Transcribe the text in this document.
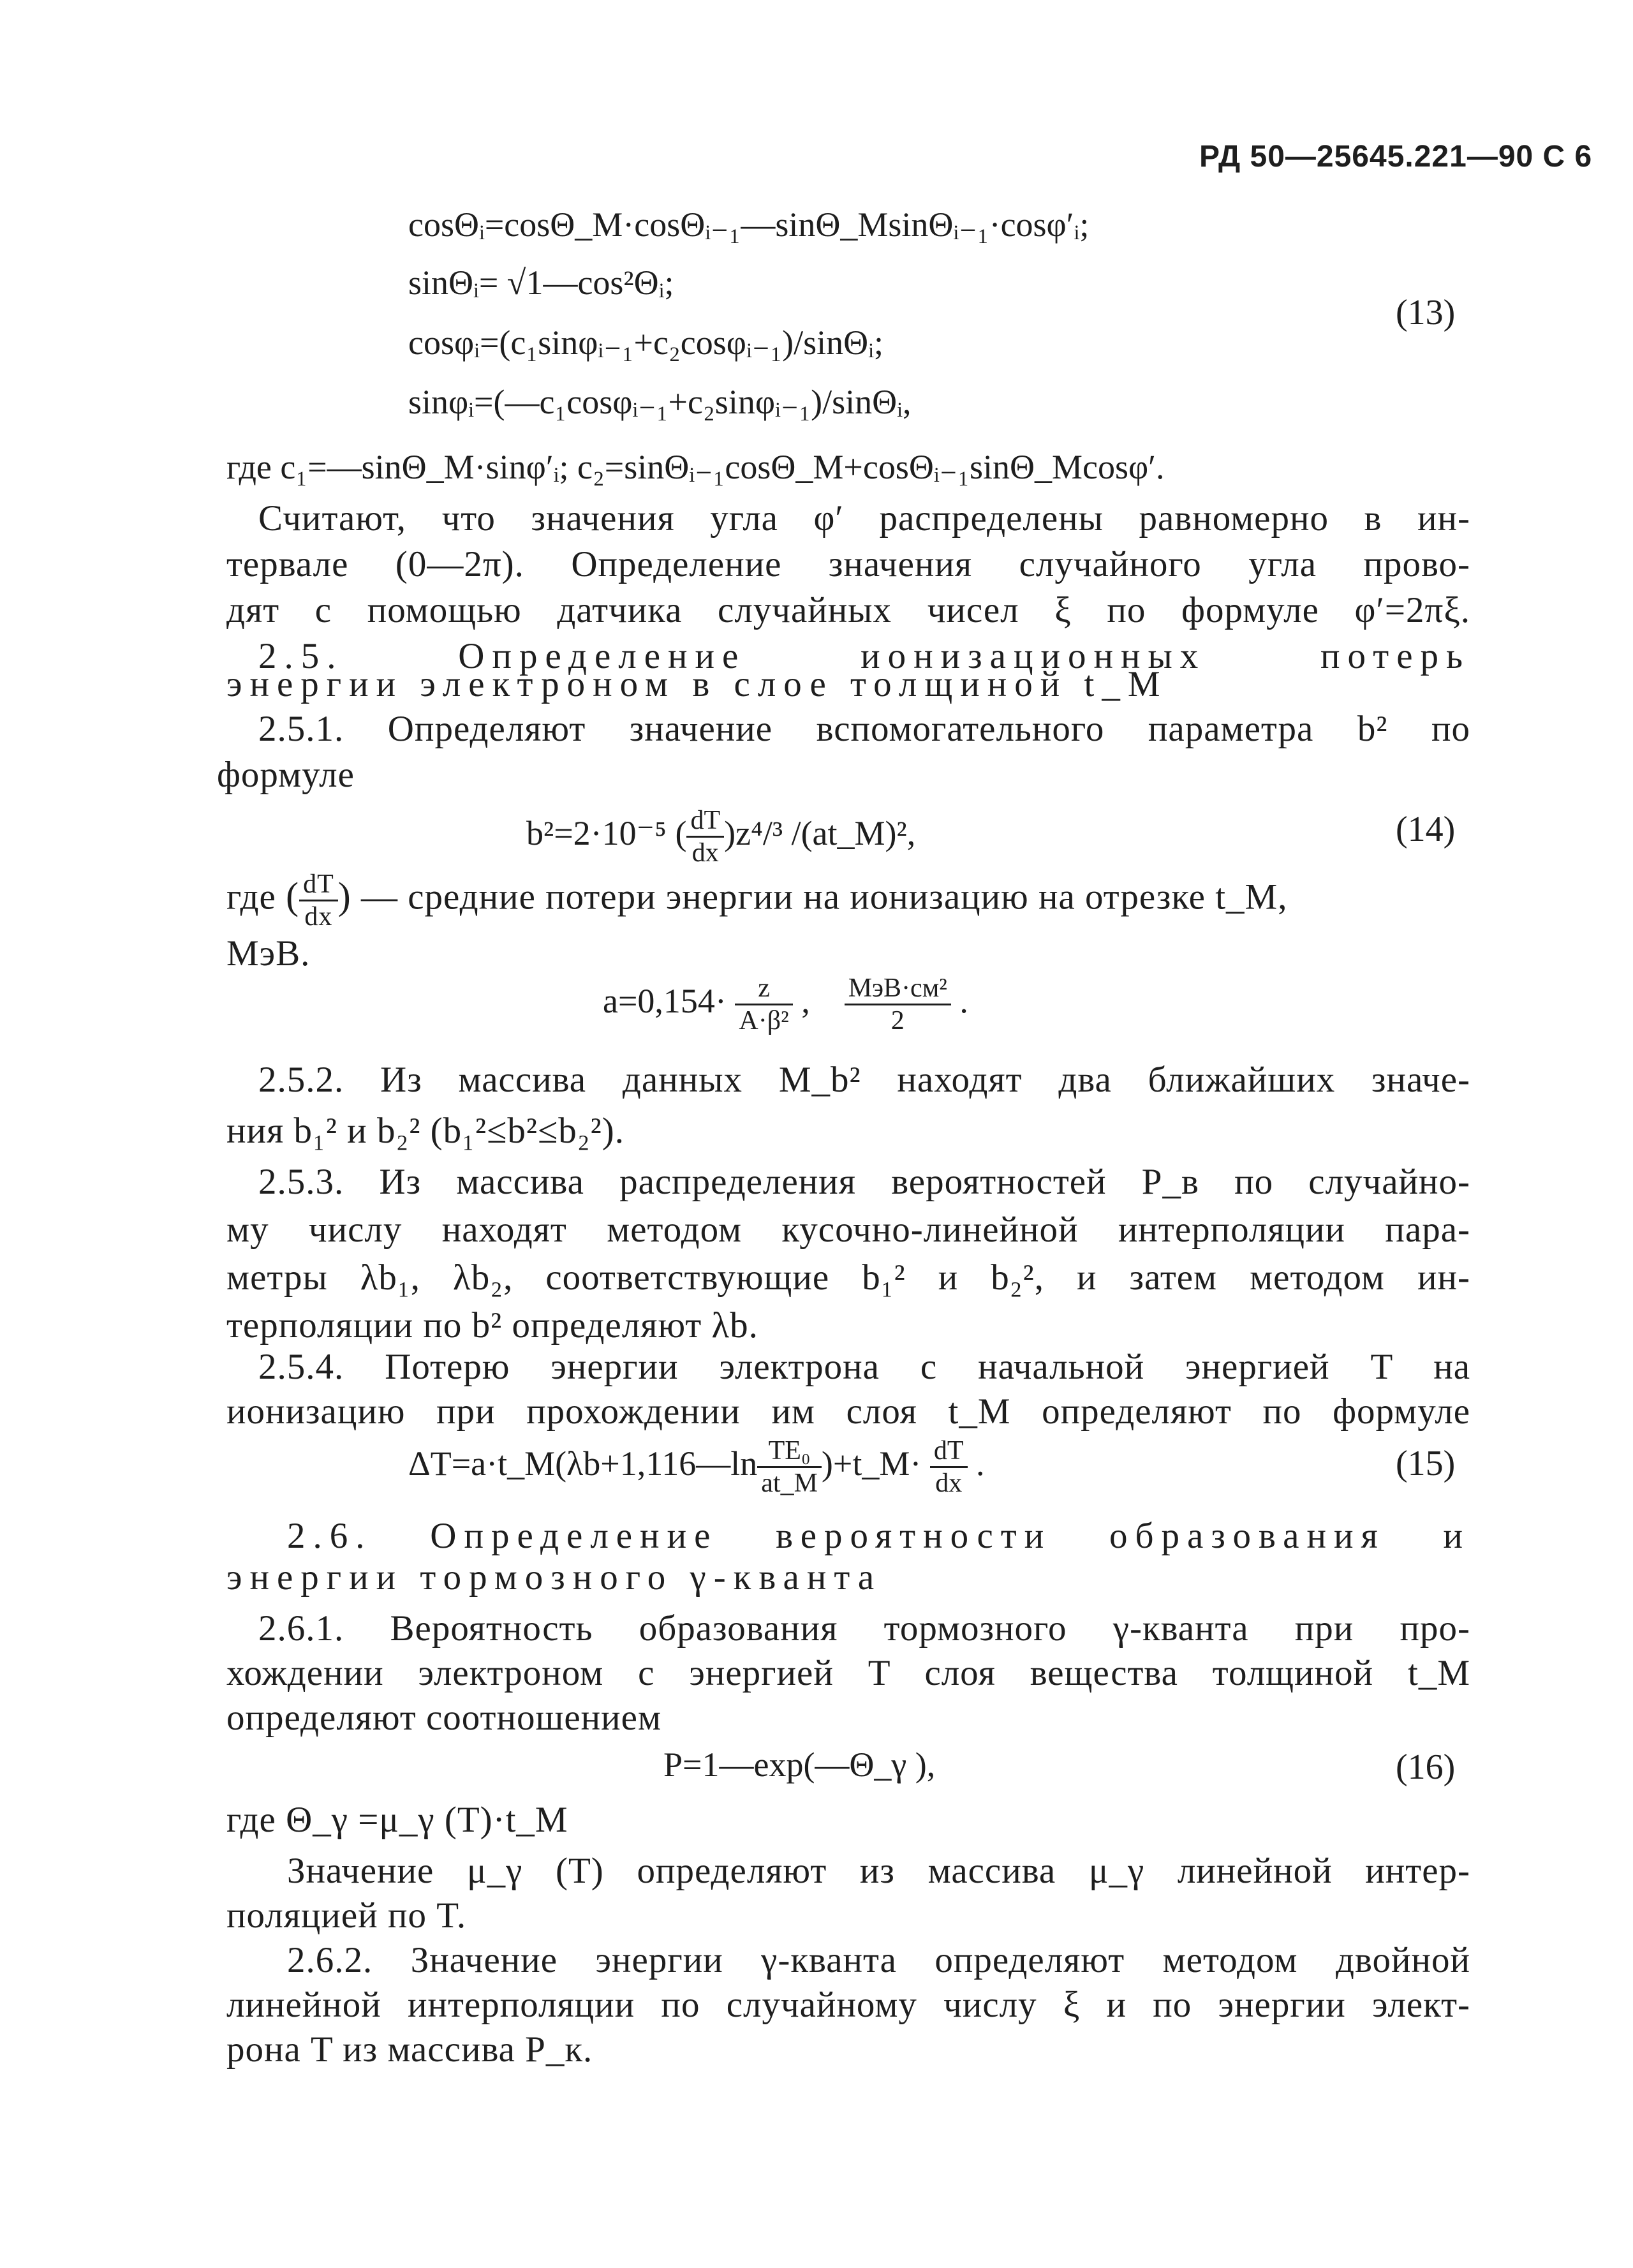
РД 50—25645.221—90 С 6
cosΘᵢ=cosΘ_M·cosΘᵢ₋₁—sinΘ_MsinΘᵢ₋₁·cosφ′ᵢ;
sinΘᵢ= √1—cos²Θᵢ;
cosφᵢ=(c₁sinφᵢ₋₁+c₂cosφᵢ₋₁)/sinΘᵢ;
sinφᵢ=(—c₁cosφᵢ₋₁+c₂sinφᵢ₋₁)/sinΘᵢ,
(13)
где c₁=—sinΘ_M·sinφ′ᵢ; c₂=sinΘᵢ₋₁cosΘ_M+cosΘᵢ₋₁sinΘ_Mcosφ′.
Считают, что значения угла φ′ распределены равномерно в ин-
тервале (0—2π). Определение значения случайного угла прово-
дят с помощью датчика случайных чисел ξ по формуле φ′=2πξ.
2.5. Определение ионизационных потерь
энергии электроном в слое толщиной t_M
2.5.1. Определяют значение вспомогательного параметра b² по
формуле
b²=2·10⁻⁵ ( $\frac{dT}{dx} )z^4/^3$ /(at_M)²,	(14)
где ( $\frac{dT}{dx}$ ) — средние потери энергии на ионизацию на отрезке t_M,
МэВ.
$a=0,154\cdot \frac{z}{\text{A·β²}}$ , $\frac{\text{МэВ·см²}}{2}$ .
2.5.2. Из массива данных M_b² находят два ближайших значе-
ния b₁² и b₂² (b₁²≤b²≤b₂²).
2.5.3. Из массива распределения вероятностей P_в по случайно-
му числу находят методом кусочно-линейной интерполяции пара-
метры λb₁, λb₂, соответствующие b₁² и b₂², и затем методом ин-
терполяции по b² определяют λb.
2.5.4. Потерю энергии электрона с начальной энергией T на
ионизацию при прохождении им слоя t_M определяют по формуле
ΔT=a·t_M(λb+1,116—ln $\frac{\text{TE₀}}{at\_M}$ )+t_M· $\frac{dT}{dx}$ .	(15)
2.6. Определение вероятности образования и
энергии тормозного γ-кванта
2.6.1. Вероятность образования тормозного γ-кванта при про-
хождении электроном с энергией T слоя вещества толщиной t_M
определяют соотношением
P=1—exp(—Θ_γ ),	(16)
где Θ_γ =μ_γ (T)·t_M
Значение μ_γ (T) определяют из массива μ_γ линейной интер-
поляцией по T.
2.6.2. Значение энергии γ-кванта определяют методом двойной
линейной интерполяции по случайному числу ξ и по энергии элект-
рона T из массива P_к.
